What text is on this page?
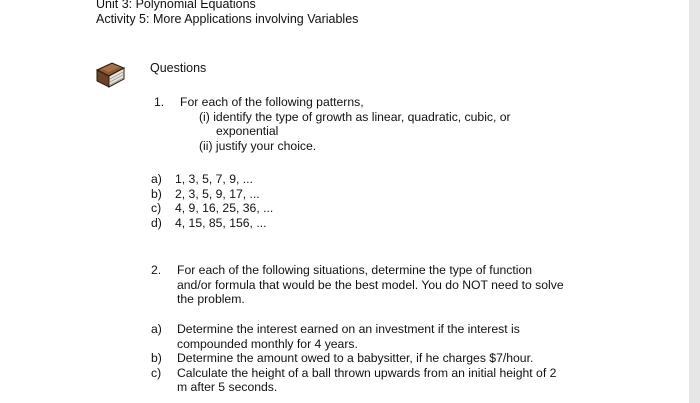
Unit 3: Polynomial Equations
Activity 5: More Applications involving Variables
Questions
1. For each of the following patterns,
(i) identify the type of growth as linear, quadratic, cubic, or
exponential
(ii) justify your choice.
a) 1, 3, 5, 7, 9, ...
b) 2, 3, 5, 9, 17, ...
c) 4, 9, 16, 25, 36, ...
d) 4, 15, 85, 156, ...
2. For each of the following situations, determine the type of function
and/or formula that would be the best model. You do NOT need to solve
the problem.
a) Determine the interest earned on an investment if the interest is
compounded monthly for 4 years.
b) Determine the amount owed to a babysitter, if he charges $7/hour.
c) Calculate the height of a ball thrown upwards from an initial height of 2
m after 5 seconds.
